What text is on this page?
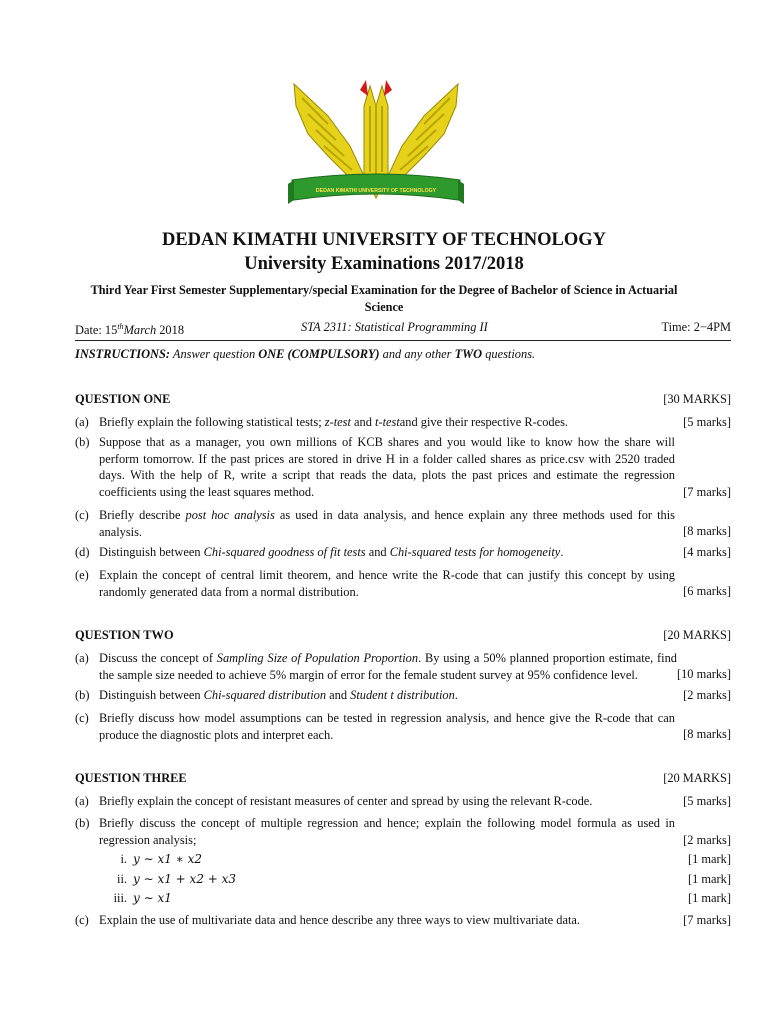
DEDAN KIMATHI UNIVERSITY OF TECHNOLOGY
DEDAN KIMATHI UNIVERSITY OF TECHNOLOGY
University Examinations 2017/2018
Third Year First Semester Supplementary/special Examination for the Degree of Bachelor of Science in Actuarial Science
Date: 15thMarch 2018	STA 2311: Statistical Programming II	Time: 2−4PM
INSTRUCTIONS: Answer question ONE (COMPULSORY) and any other TWO questions.
QUESTION ONE	[30 MARKS]
(a) Briefly explain the following statistical tests; z-test and t-testand give their respective R-codes.	[5 marks]
(b) Suppose that as a manager, you own millions of KCB shares and you would like to know how the share will perform tomorrow. If the past prices are stored in drive H in a folder called shares as price.csv with 2520 traded days. With the help of R, write a script that reads the data, plots the past prices and estimate the regression coefficients using the least squares method.	[7 marks]
(c) Briefly describe post hoc analysis as used in data analysis, and hence explain any three methods used for this analysis.	[8 marks]
(d) Distinguish between Chi-squared goodness of fit tests and Chi-squared tests for homogeneity.	[4 marks]
(e) Explain the concept of central limit theorem, and hence write the R-code that can justify this concept by using randomly generated data from a normal distribution.	[6 marks]
QUESTION TWO	[20 MARKS]
(a) Discuss the concept of Sampling Size of Population Proportion. By using a 50% planned proportion estimate, find the sample size needed to achieve 5% margin of error for the female student survey at 95% confidence level.	[10 marks]
(b) Distinguish between Chi-squared distribution and Student t distribution.	[2 marks]
(c) Briefly discuss how model assumptions can be tested in regression analysis, and hence give the R-code that can produce the diagnostic plots and interpret each.	[8 marks]
QUESTION THREE	[20 MARKS]
(a) Briefly explain the concept of resistant measures of center and spread by using the relevant R-code.	[5 marks]
(b) Briefly discuss the concept of multiple regression and hence; explain the following model formula as used in regression analysis;	[2 marks]
i. y ∼ x1 ∗ x2	[1 mark]
ii. y ∼ x1 + x2 + x3	[1 mark]
iii. y ∼ x1	[1 mark]
(c) Explain the use of multivariate data and hence describe any three ways to view multivariate data.	[7 marks]
